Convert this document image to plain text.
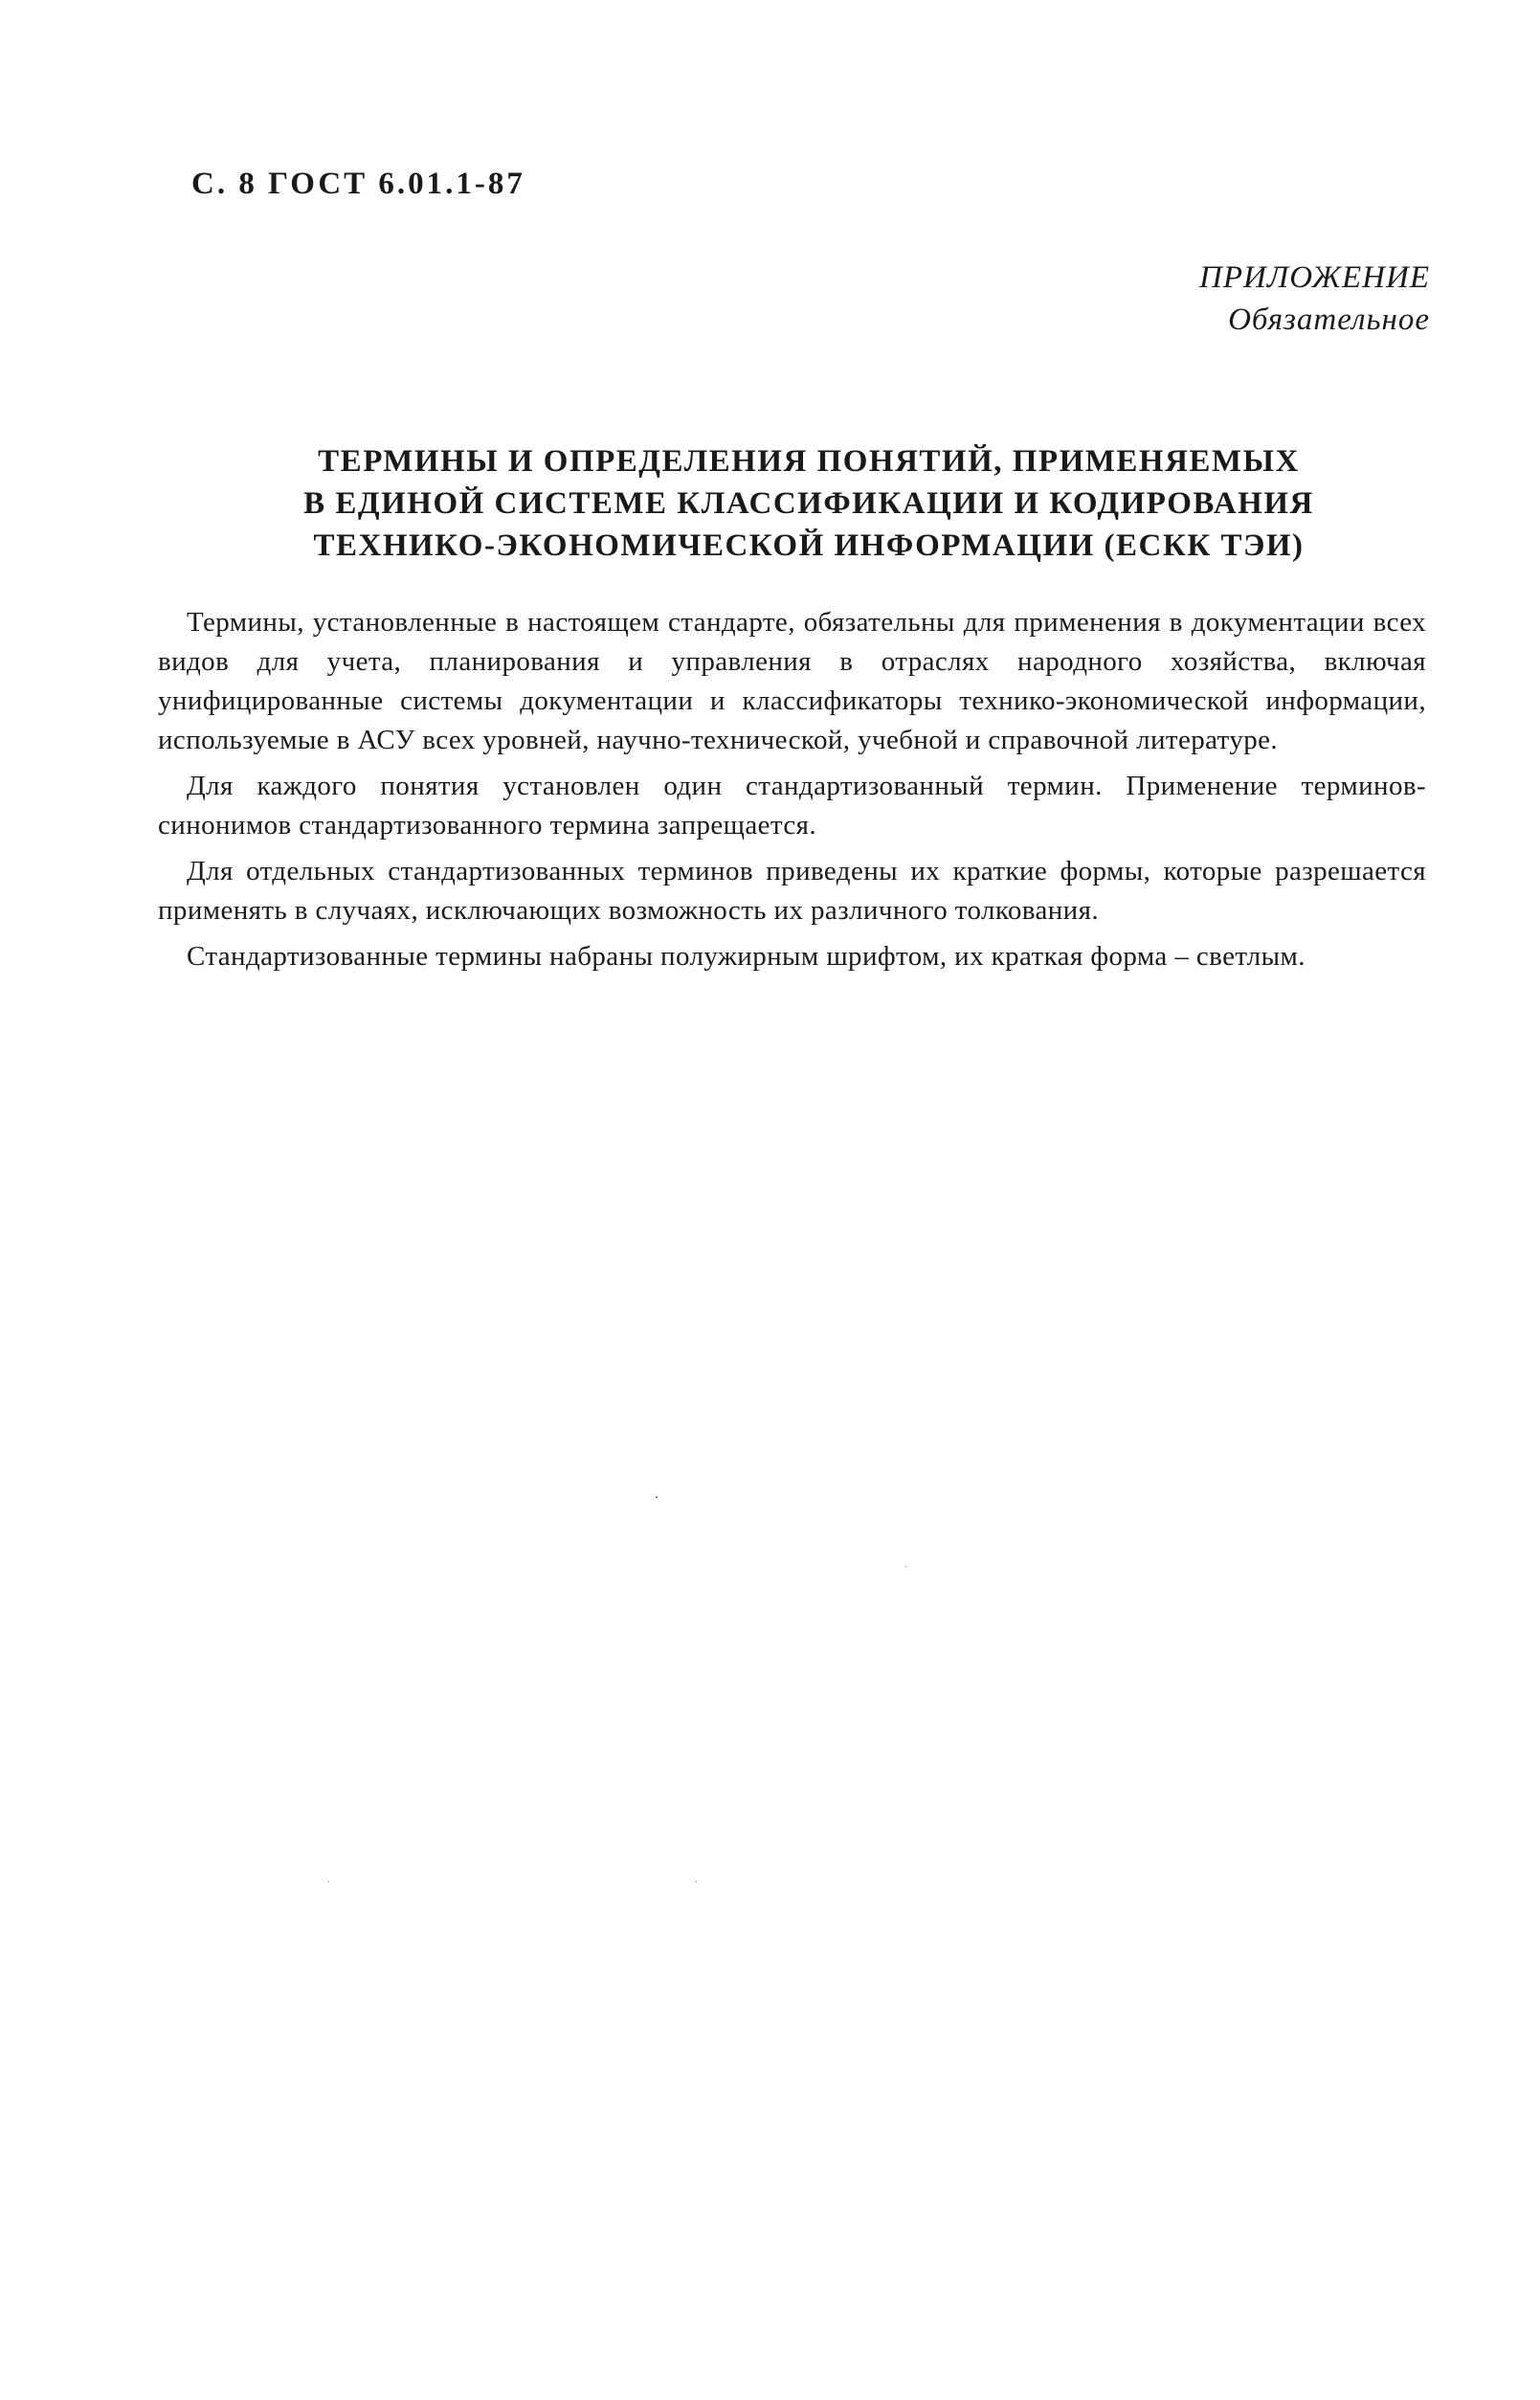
С. 8 ГОСТ 6.01.1-87
ПРИЛОЖЕНИЕ
Обязательное
ТЕРМИНЫ И ОПРЕДЕЛЕНИЯ ПОНЯТИЙ, ПРИМЕНЯЕМЫХ
В ЕДИНОЙ СИСТЕМЕ КЛАССИФИКАЦИИ И КОДИРОВАНИЯ
ТЕХНИКО-ЭКОНОМИЧЕСКОЙ ИНФОРМАЦИИ (ЕСКК ТЭИ)

Термины, установленные в настоящем стандарте, обязательны для применения в документации всех видов для учета, планирования и управления в отраслях народного хозяйства, включая унифицированные системы документации и классификаторы технико-экономической информации, используемые в АСУ всех уровней, научно-технической, учебной и справочной литературе.

Для каждого понятия установлен один стандартизованный термин. Применение терминов-синонимов стандартизованного термина запрещается.

Для отдельных стандартизованных терминов приведены их краткие формы, которые разрешается применять в случаях, исключающих возможность их различного толкования.

Стандартизованные термины набраны полужирным шрифтом, их краткая форма – светлым.
